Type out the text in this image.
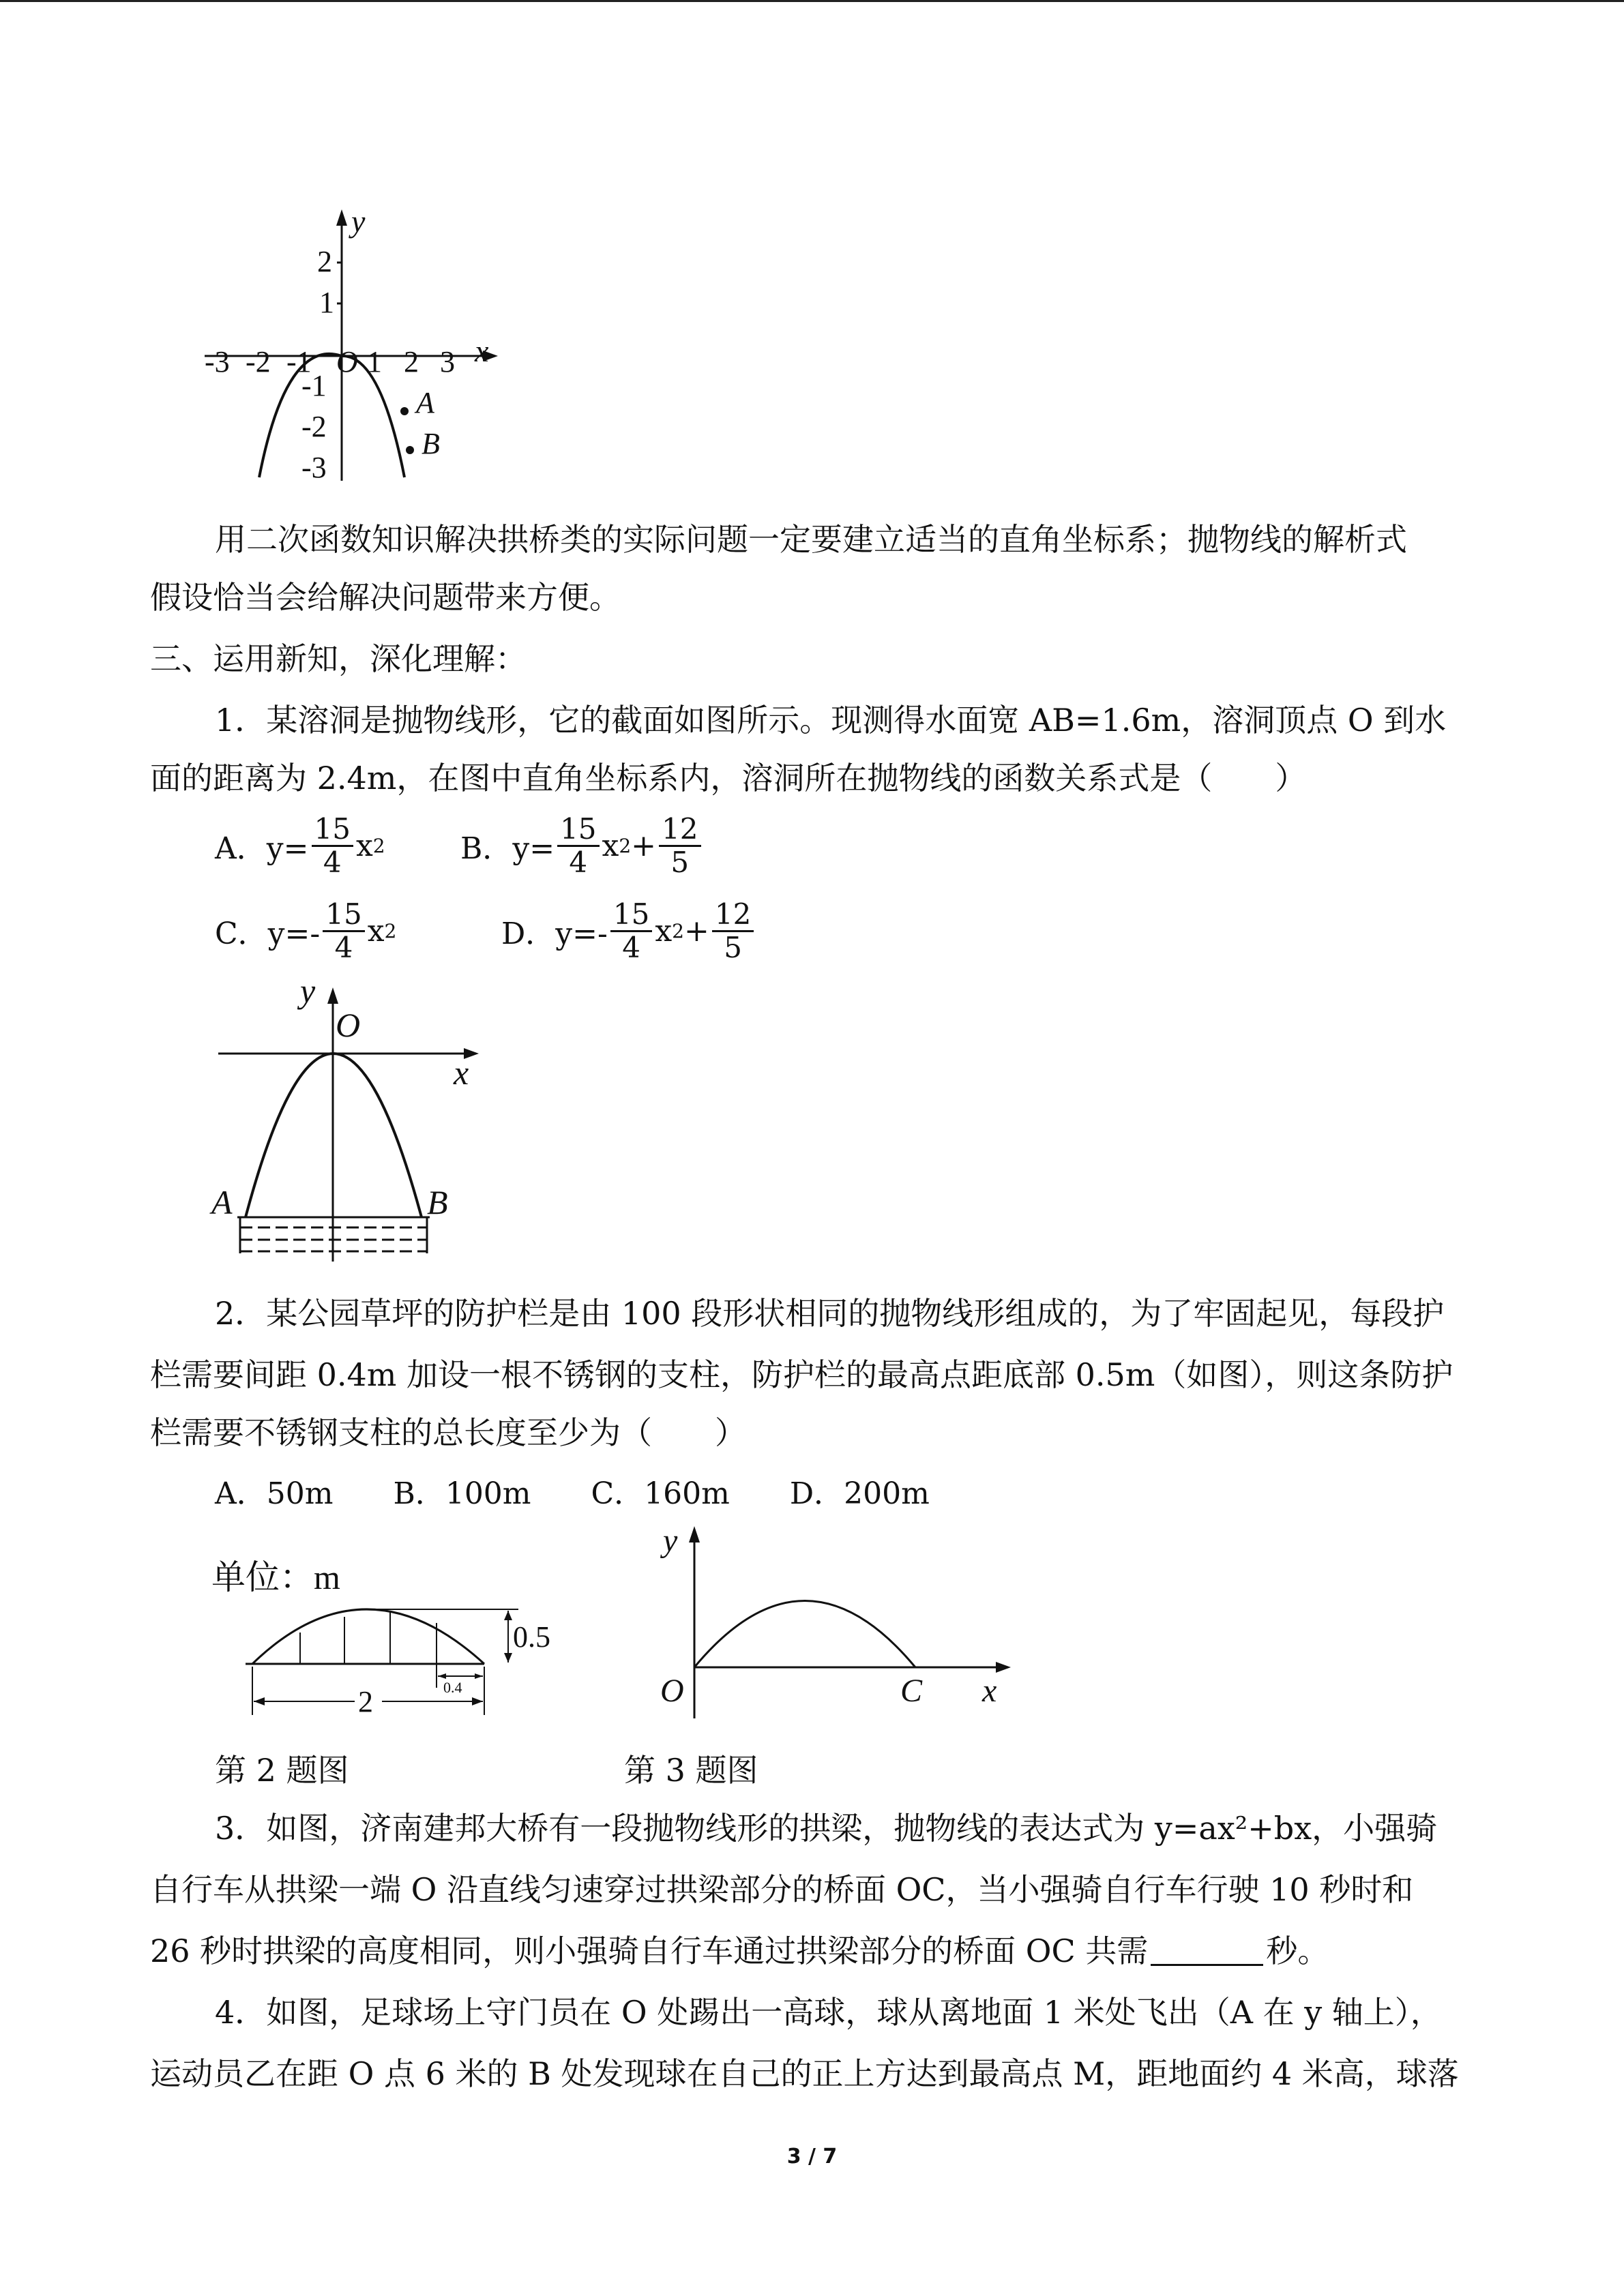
y
x
O
-3 -2 -1 1 2 3
2
1
-1
-2
-3
A
B
用二次函数知识解决拱桥类的实际问题一定要建立适当的直角坐标系；抛物线的解析式
假设恰当会给解决问题带来方便。
三、运用新知，深化理解：
1．某溶洞是抛物线形，它的截面如图所示。现测得水面宽 AB=1.6m，溶洞顶点 O 到水
面的距离为 2.4m，在图中直角坐标系内，溶洞所在抛物线的函数关系式是（　　）
A．$y= \frac{15}{4}$ x 2	B．$y= \frac{15}{4}$ x $2 + \frac{12}{5}$
C．$y=- \frac{15}{4}$ x 2	D．$y=- \frac{15}{4}$ x $2 + \frac{12}{5}$
y
x
O
A	B
2．某公园草坪的防护栏是由 100 段形状相同的抛物线形组成的，为了牢固起见，每段护
栏需要间距 0.4m 加设一根不锈钢的支柱，防护栏的最高点距底部 0.5m（如图），则这条防护
栏需要不锈钢支柱的总长度至少为（　　）
A．50m　　B．100m　　C．160m　　D．200m
单位：m
0.5
2	0.4
y
x
O	C
第 2 题图	第 3 题图
3．如图，济南建邦大桥有一段抛物线形的拱梁，抛物线的表达式为 y=ax²+bx，小强骑
自行车从拱梁一端 O 沿直线匀速穿过拱梁部分的桥面 OC，当小强骑自行车行驶 10 秒时和
26 秒时拱梁的高度相同，则小强骑自行车通过拱梁部分的桥面 OC 共需	秒。
4．如图，足球场上守门员在 O 处踢出一高球，球从离地面 1 米处飞出（A 在 y 轴上），
运动员乙在距 O 点 6 米的 B 处发现球在自己的正上方达到最高点 M，距地面约 4 米高，球落
3 / 7
